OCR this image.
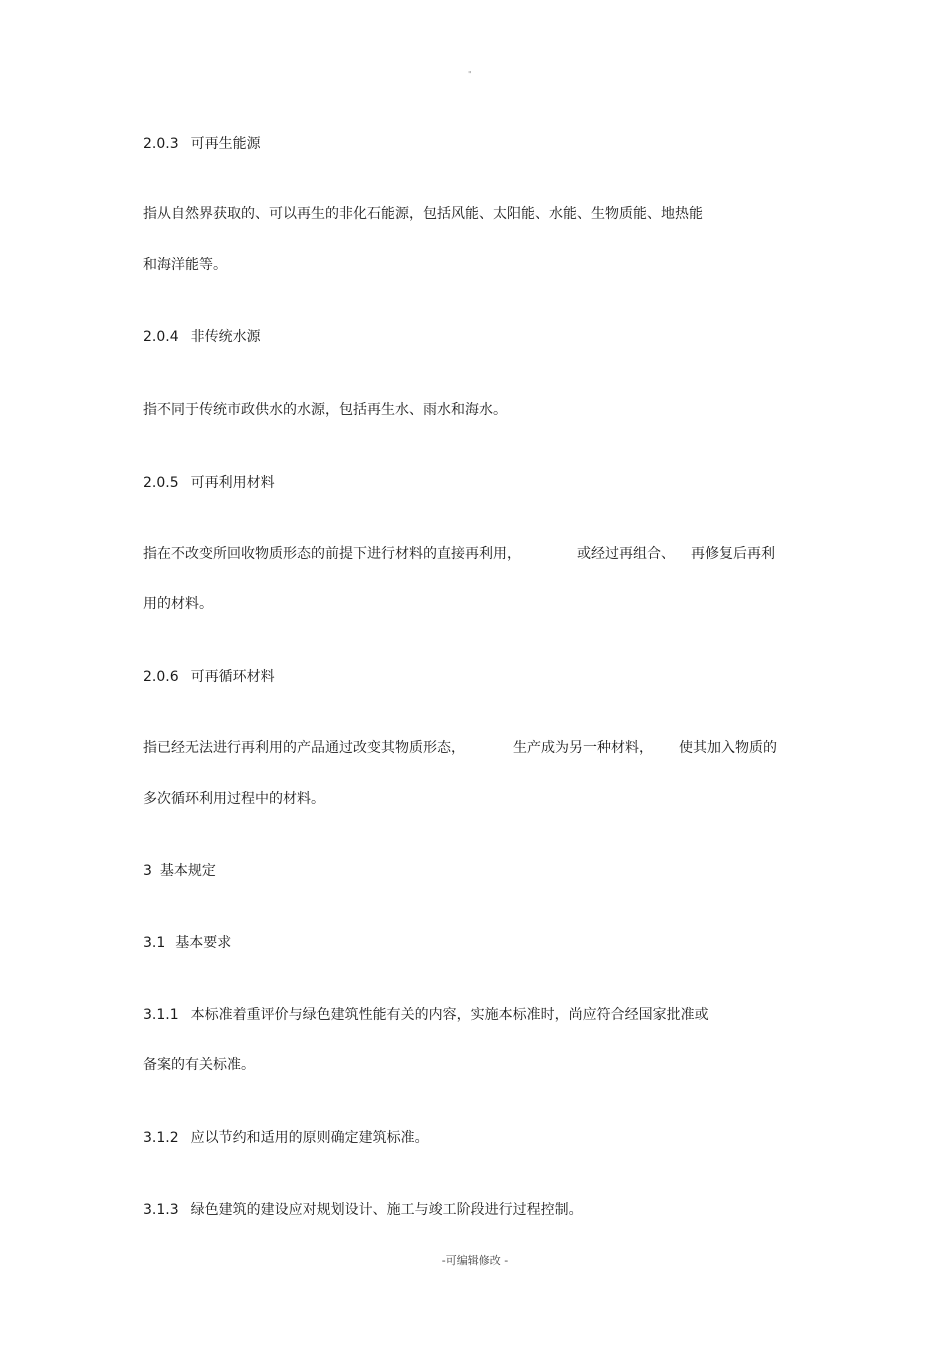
"
2.0.3 可再生能源
指从自然界获取的、可以再生的非化石能源，包括风能、太阳能、水能、生物质能、地热能
和海洋能等。
2.0.4 非传统水源
指不同于传统市政供水的水源，包括再生水、雨水和海水。
2.0.5 可再利用材料
指在不改变所回收物质形态的前提下进行材料的直接再利用，	或经过再组合、 再修复后再利
用的材料。
2.0.6 可再循环材料
指已经无法进行再利用的产品通过改变其物质形态，	生产成为另一种材料， 使其加入物质的
多次循环利用过程中的材料。
3 基本规定
3.1 基本要求
3.1.1 本标准着重评价与绿色建筑性能有关的内容，实施本标准时，尚应符合经国家批准或
备案的有关标准。
3.1.2 应以节约和适用的原则确定建筑标准。
3.1.3 绿色建筑的建设应对规划设计、施工与竣工阶段进行过程控制。
-可编辑修改 -
